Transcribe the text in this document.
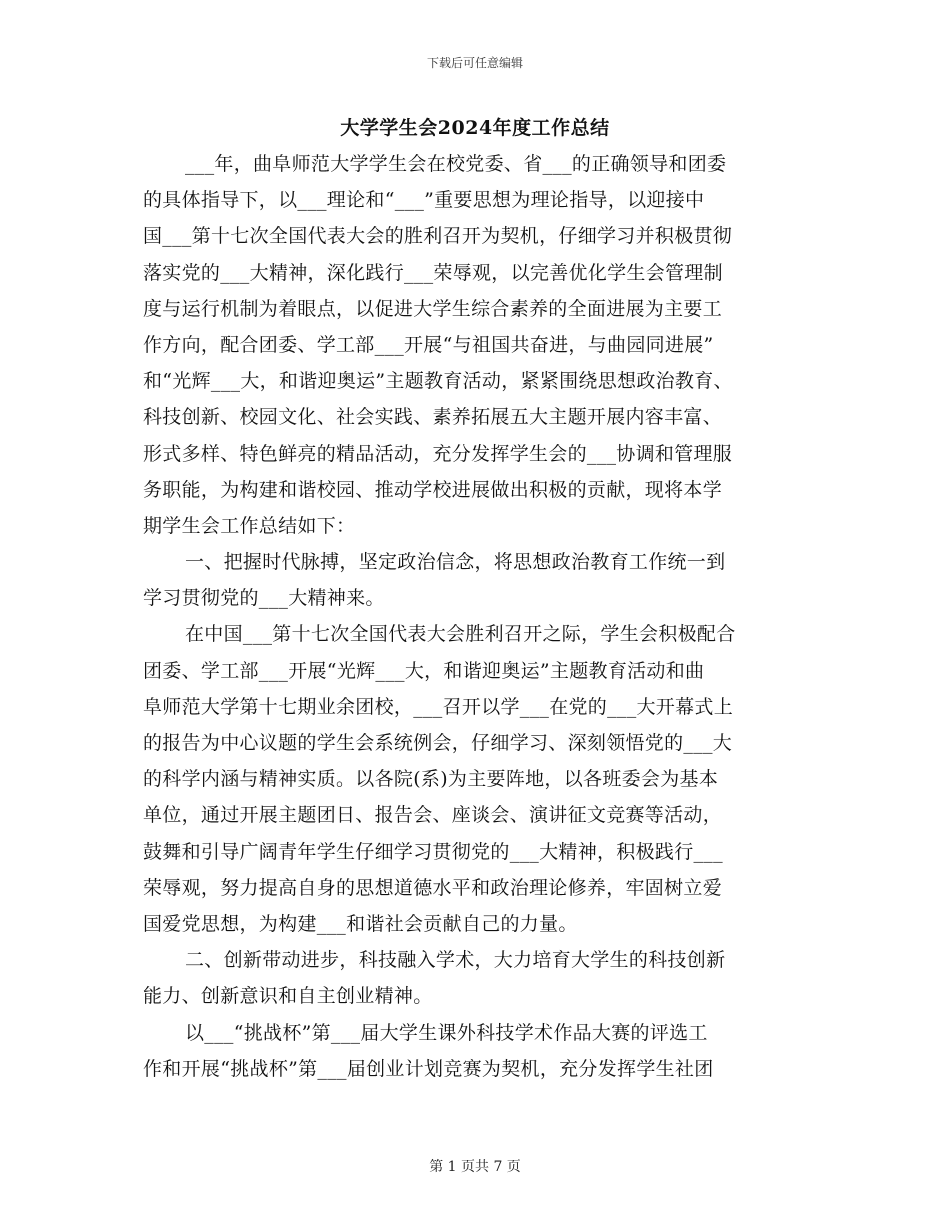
下载后可任意编辑
大学学生会2024年度工作总结
___年，曲阜师范大学学生会在校党委、省___的正确领导和团委
的具体指导下，以___理论和“___”重要思想为理论指导，以迎接中
国___第十七次全国代表大会的胜利召开为契机，仔细学习并积极贯彻
落实党的___大精神，深化践行___荣辱观，以完善优化学生会管理制
度与运行机制为着眼点，以促进大学生综合素养的全面进展为主要工
作方向，配合团委、学工部___开展“与祖国共奋进，与曲园同进展”
和“光辉___大，和谐迎奥运”主题教育活动，紧紧围绕思想政治教育、
科技创新、校园文化、社会实践、素养拓展五大主题开展内容丰富、
形式多样、特色鲜亮的精品活动，充分发挥学生会的___协调和管理服
务职能，为构建和谐校园、推动学校进展做出积极的贡献，现将本学
期学生会工作总结如下：
一、把握时代脉搏，坚定政治信念，将思想政治教育工作统一到
学习贯彻党的___大精神来。
在中国___第十七次全国代表大会胜利召开之际，学生会积极配合
团委、学工部___开展“光辉___大，和谐迎奥运”主题教育活动和曲
阜师范大学第十七期业余团校，___召开以学___在党的___大开幕式上
的报告为中心议题的学生会系统例会，仔细学习、深刻领悟党的___大
的科学内涵与精神实质。以各院(系)为主要阵地，以各班委会为基本
单位，通过开展主题团日、报告会、座谈会、演讲征文竞赛等活动，
鼓舞和引导广阔青年学生仔细学习贯彻党的___大精神，积极践行___
荣辱观，努力提高自身的思想道德水平和政治理论修养，牢固树立爱
国爱党思想，为构建___和谐社会贡献自己的力量。
二、创新带动进步，科技融入学术，大力培育大学生的科技创新
能力、创新意识和自主创业精神。
以___“挑战杯”第___届大学生课外科技学术作品大赛的评选工
作和开展“挑战杯”第___届创业计划竞赛为契机，充分发挥学生社团
第 1 页共 7 页
